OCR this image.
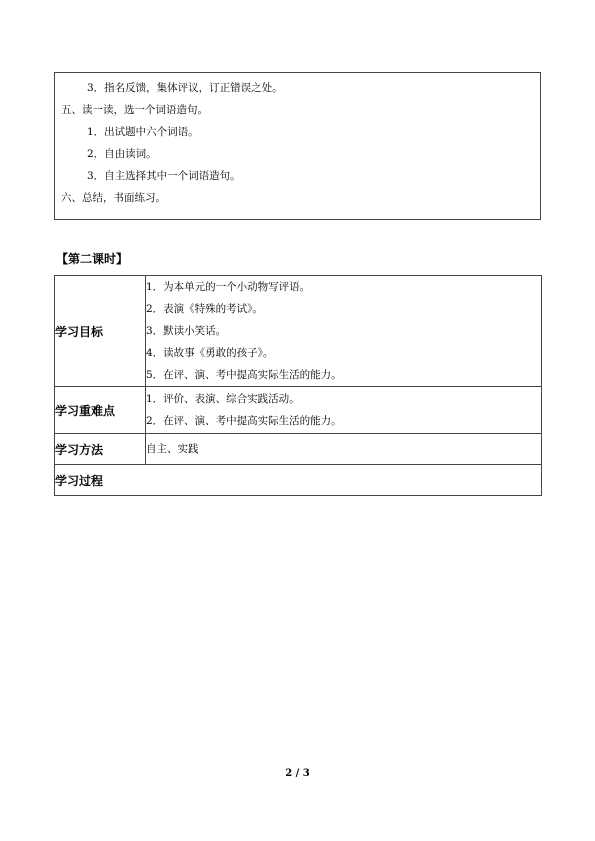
3．指名反馈，集体评议，订正错误之处。
五、读一读，选一个词语造句。
1．出试题中六个词语。
2．自由读词。
3．自主选择其中一个词语造句。
六、总结，书面练习。
【第二课时】
学习目标	1．为本单元的一个小动物写评语。
2．表演《特殊的考试》。
3．默读小笑话。
4．读故事《勇敢的孩子》。
5．在评、演、考中提高实际生活的能力。

学习重难点	1．评价、表演、综合实践活动。
2．在评、演、考中提高实际生活的能力。

学习方法	自主、实践

学习过程	
2 / 3
